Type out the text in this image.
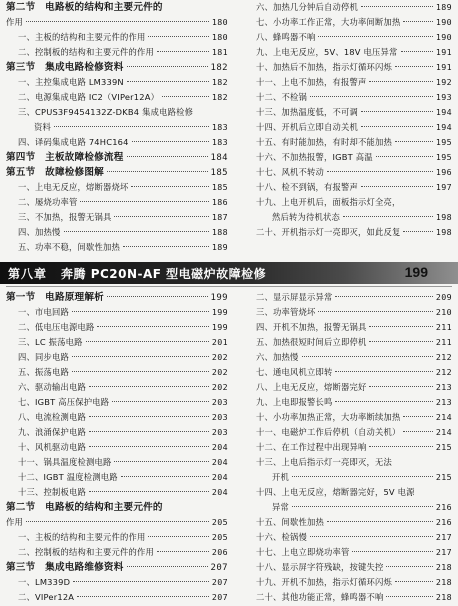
第二节　电路板的结构和主要元件的
作用	180
一、主板的结构和主要元件的作用	180
二、控制板的结构和主要元件的作用	181
第三节　集成电路检修资料	182
一、主控集成电路 LM339N	182
二、电源集成电路 IC2（VIPer12A）	182
三、CPUS3F9454132Z-DKB4 集成电路检修
资料	183
四、译码集成电路 74HC164	183
第四节　主板故障检修流程	184
第五节　故障检修图解	185
一、上电无反应，熔断器烧坏	185
二、屡烧功率管	186
三、不加热，报警无锅具	187
四、加热慢	188
五、功率不稳，间歇性加热	189
六、加热几分钟后自动停机	189
七、小功率工作正常，大功率间断加热	190
八、蜂鸣器不响	190
九、上电无反应，5V、18V 电压异常	191
十、加热后不加热，指示灯循环闪烁	191
十一、上电不加热，有报警声	192
十二、不检锅	193
十三、加热温度低，不可调	194
十四、开机后立即自动关机	194
十五、有时能加热，有时却不能加热	195
十六、不加热报警，IGBT 高温	195
十七、风机不转动	196
十八、检不到锅，有报警声	197
十九、上电开机后，面板指示灯全亮，
然后转为待机状态	198
二十、开机指示灯一亮即灭，如此反复	198
第八章 奔腾 PC20N-AF 型电磁炉故障检修	199
第一节　电路原理解析	199
一、市电回路	199
二、低电压电源电路	199
三、LC 振荡电路	201
四、同步电路	202
五、振荡电路	202
六、驱动输出电路	202
七、IGBT 高压保护电路	203
八、电流检测电路	203
九、浪涌保护电路	203
十、风机驱动电路	204
十一、锅具温度检测电路	204
十二、IGBT 温度检测电路	204
十三、控制板电路	204
第二节　电路板的结构和主要元件的
作用	205
一、主板的结构和主要元件的作用	205
二、控制板的结构和主要元件的作用	206
第三节　集成电路维修资料	207
一、LM339D	207
二、VIPer12A	207
二、显示屏显示异常	209
三、功率管烧坏	210
四、开机不加热，报警无锅具	211
五、加热很短时间后立即停机	211
六、加热慢	212
七、通电风机立即转	212
八、上电无反应，熔断器完好	213
九、上电即报警长鸣	213
十、小功率加热正常，大功率断续加热	214
十一、电磁炉工作后停机（自动关机）	214
十二、在工作过程中出现异响	215
十三、上电后指示灯一亮即灭，无法
开机	215
十四、上电无反应，熔断器完好，5V 电源
异常	216
十五、间歇性加热	216
十六、检锅慢	217
十七、上电立即烧功率管	217
十八、显示屏字符残缺，按键失控	218
十九、开机不加热，指示灯循环闪烁	218
二十、其他功能正常，蜂鸣器不响	218
